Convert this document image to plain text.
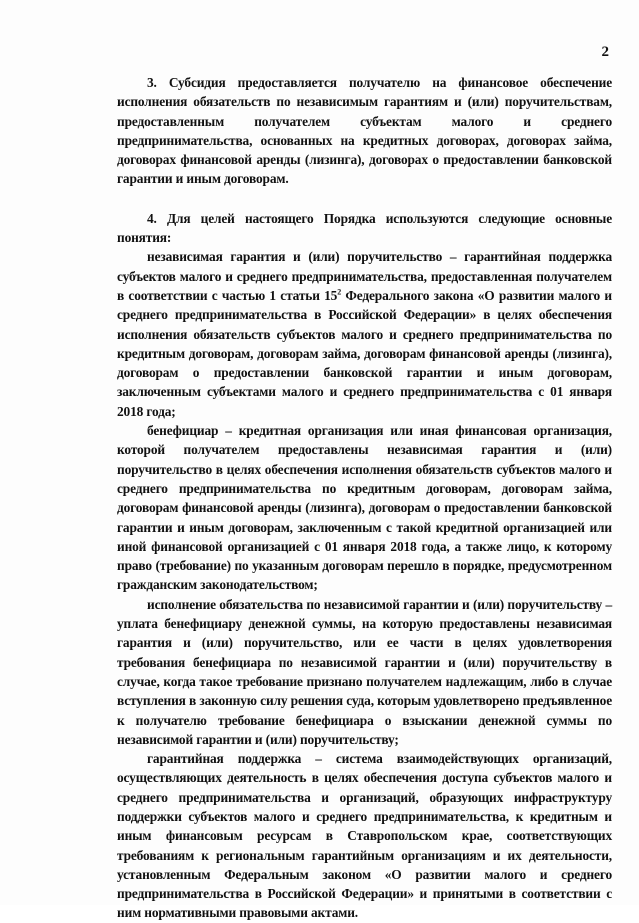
2

3. Субсидия предоставляется получателю на финансовое обеспечение исполнения обязательств по независимым гарантиям и (или) поручительствам, предоставленным получателем субъектам малого и среднего предпринимательства, основанных на кредитных договорах, договорах займа, договорах финансовой аренды (лизинга), договорах о предоставлении банковской гарантии и иным договорам.

4. Для целей настоящего Порядка используются следующие основные понятия:

независимая гарантия и (или) поручительство – гарантийная поддержка субъектов малого и среднего предпринимательства, предоставленная получателем в соответствии с частью 1 статьи $15^2$ Федерального закона «О развитии малого и среднего предпринимательства в Российской Федерации» в целях обеспечения исполнения обязательств субъектов малого и среднего предпринимательства по кредитным договорам, договорам займа, договорам финансовой аренды (лизинга), договорам о предоставлении банковской гарантии и иным договорам, заключенным субъектами малого и среднего предпринимательства с 01 января 2018 года;

бенефициар – кредитная организация или иная финансовая организация, которой получателем предоставлены независимая гарантия и (или) поручительство в целях обеспечения исполнения обязательств субъектов малого и среднего предпринимательства по кредитным договорам, договорам займа, договорам финансовой аренды (лизинга), договорам о предоставлении банковской гарантии и иным договорам, заключенным с такой кредитной организацией или иной финансовой организацией с 01 января 2018 года, а также лицо, к которому право (требование) по указанным договорам перешло в порядке, предусмотренном гражданским законодательством;

исполнение обязательства по независимой гарантии и (или) поручительству – уплата бенефициару денежной суммы, на которую предоставлены независимая гарантия и (или) поручительство, или ее части в целях удовлетворения требования бенефициара по независимой гарантии и (или) поручительству в случае, когда такое требование признано получателем надлежащим, либо в случае вступления в законную силу решения суда, которым удовлетворено предъявленное к получателю требование бенефициара о взыскании денежной суммы по независимой гарантии и (или) поручительству;

гарантийная поддержка – система взаимодействующих организаций, осуществляющих деятельность в целях обеспечения доступа субъектов малого и среднего предпринимательства и организаций, образующих инфраструктуру поддержки субъектов малого и среднего предпринимательства, к кредитным и иным финансовым ресурсам в Ставропольском крае, соответствующих требованиям к региональным гарантийным организациям и их деятельности, установленным Федеральным законом «О развитии малого и среднего предпринимательства в Российской Федерации» и принятыми в соответствии с ним нормативными правовыми актами.
